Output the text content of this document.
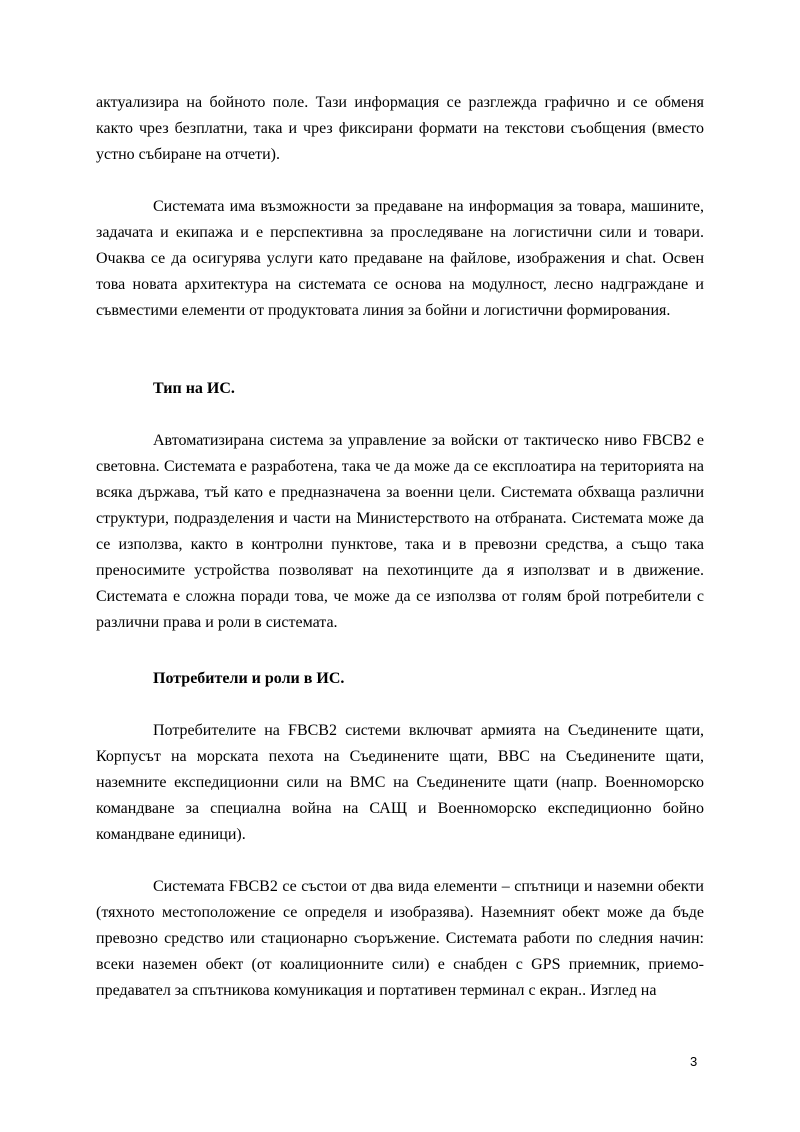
актуализира на бойното поле. Тази информация се разглежда графично и се обменя както чрез безплатни, така и чрез фиксирани формати на текстови съобщения (вместо устно събиране на отчети).

Системата има възможности за предаване на информация за товара, машините, задачата и екипажа и е перспективна за проследяване на логистични сили и товари. Очаква се да осигурява услуги като предаване на файлове, изображения и chat. Освен това новата архитектура на системата се основа на модулност, лесно надграждане и съвместими елементи от продуктовата линия за бойни и логистични формирования.

Тип на ИС.

Автоматизирана система за управление за войски от тактическо ниво FBCB2 е световна. Системата е разработена, така че да може да се експлоатира на територията на всяка държава, тъй като е предназначена за военни цели. Системата обхваща различни структури, подразделения и части на Министерството на отбраната. Системата може да се използва, както в контролни пунктове, така и в превозни средства, а също така преносимите устройства позволяват на пехотинците да я използват и в движение. Системата е сложна поради това, че може да се използва от голям брой потребители с различни права и роли в системата.

Потребители и роли в ИС.

Потребителите на FBCB2 системи включват армията на Съединените щати, Корпусът на морската пехота на Съединените щати, ВВС на Съединените щати, наземните експедиционни сили на ВМС на Съединените щати (напр. Военноморско командване за специална война на САЩ и Военноморско експедиционно бойно командване единици).

Системата FBCB2 се състои от два вида елементи – спътници и наземни обекти (тяхното местоположение се определя и изобразява). Наземният обект може да бъде превозно средство или стационарно съоръжение. Системата работи по следния начин: всеки наземен обект (от коалиционните сили) е снабден с GPS приемник, приемо-предавател за спътникова комуникация и портативен терминал с екран.. Изглед на

3
